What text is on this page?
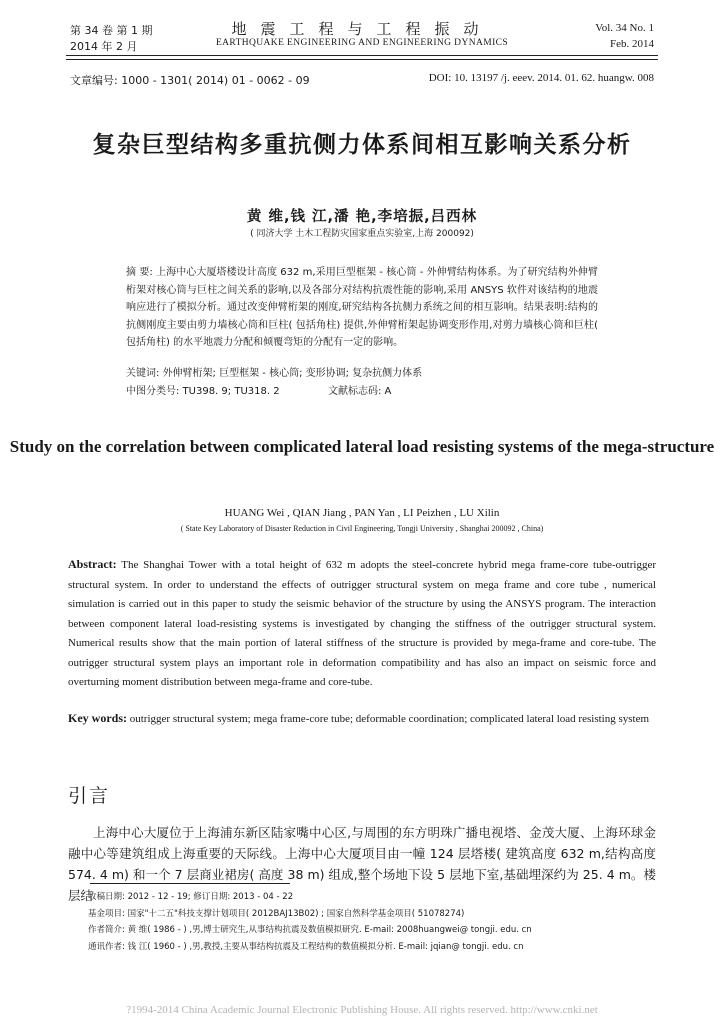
第 34 卷 第 1 期
2014 年 2 月
地震工程与工程振动
EARTHQUAKE ENGINEERING AND ENGINEERING DYNAMICS
Vol. 34 No. 1
Feb. 2014
文章编号: 1000 - 1301( 2014) 01 - 0062 - 09	DOI: 10. 13197 /j. eeev. 2014. 01. 62. huangw. 008
复杂巨型结构多重抗侧力体系间相互影响关系分析
黄 维,钱 江,潘 艳,李培振,吕西林
( 同济大学 土木工程防灾国家重点实验室,上海 200092)
摘 要: 上海中心大厦塔楼设计高度 632 m,采用巨型框架 - 核心筒 - 外伸臂结构体系。为了研究结构外伸臂桁架对核心筒与巨柱之间关系的影响,以及各部分对结构抗震性能的影响,采用 ANSYS 软件对该结构的地震响应进行了模拟分析。通过改变伸臂桁架的刚度,研究结构各抗侧力系统之间的相互影响。结果表明:结构的抗侧刚度主要由剪力墙核心筒和巨柱( 包括角柱) 提供,外伸臂桁架起协调变形作用,对剪力墙核心筒和巨柱( 包括角柱) 的水平地震力分配和倾覆弯矩的分配有一定的影响。
关键词: 外伸臂桁架; 巨型框架 - 核心筒; 变形协调; 复杂抗侧力体系
中图分类号: TU398. 9; TU318. 2	文献标志码: A
Study on the correlation between complicated lateral load resisting systems of the mega-structure
HUANG Wei , QIAN Jiang , PAN Yan , LI Peizhen , LU Xilin
( State Key Laboratory of Disaster Reduction in Civil Engineering, Tongji University , Shanghai 200092 , China)
Abstract: The Shanghai Tower with a total height of 632 m adopts the steel-concrete hybrid mega frame-core tube-outrigger structural system. In order to understand the effects of outrigger structural system on mega frame and core tube , numerical simulation is carried out in this paper to study the seismic behavior of the structure by using the ANSYS program. The interaction between component lateral load-resisting systems is investigated by changing the stiffness of the outrigger structural system. Numerical results show that the main portion of lateral stiffness of the structure is provided by mega-frame and core-tube. The outrigger structural system plays an important role in deformation compatibility and has also an impact on seismic force and overturning moment distribution between mega-frame and core-tube.
Key words: outrigger structural system; mega frame-core tube; deformable coordination; complicated lateral load resisting system
引言

上海中心大厦位于上海浦东新区陆家嘴中心区,与周围的东方明珠广播电视塔、金茂大厦、上海环球金融中心等建筑组成上海重要的天际线。上海中心大厦项目由一幢 124 层塔楼( 建筑高度 632 m,结构高度 574. 4 m) 和一个 7 层商业裙房( 高度 38 m) 组成,整个场地下设 5 层地下室,基础埋深约为 25. 4 m。楼层结

收稿日期: 2012 - 12 - 19; 修订日期: 2013 - 04 - 22
基金项目: 国家"十二五"科技支撑计划项目( 2012BAJ13B02) ; 国家自然科学基金项目( 51078274)
作者简介: 黄 维( 1986 - ) ,男,博士研究生,从事结构抗震及数值模拟研究. E-mail: 2008huangwei@ tongji. edu. cn
通讯作者: 钱 江( 1960 - ) ,男,教授,主要从事结构抗震及工程结构的数值模拟分析. E-mail: jqian@ tongji. edu. cn
?1994-2014 China Academic Journal Electronic Publishing House. All rights reserved. http://www.cnki.net
